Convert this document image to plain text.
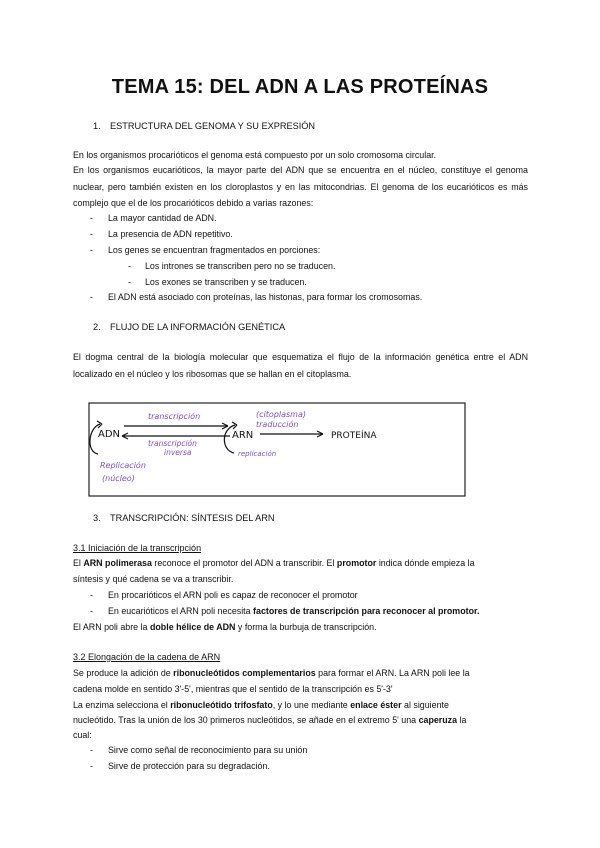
TEMA 15: DEL ADN A LAS PROTEÍNAS
1. ESTRUCTURA DEL GENOMA Y SU EXPRESIÓN
En los organismos procarióticos el genoma está compuesto por un solo cromosoma circular.

En los organismos eucarióticos, la mayor parte del ADN que se encuentra en el núcleo, constituye el genoma nuclear, pero también existen en los cloroplastos y en las mitocondrias. El genoma de los eucarióticos es más complejo que el de los procarióticos debido a varias razones:

- La mayor cantidad de ADN.
- La presencia de ADN repetitivo.
- Los genes se encuentran fragmentados en porciones:
- Los intrones se transcriben pero no se traducen.
- Los exones se transcriben y se traducen.
- El ADN está asociado con proteínas, las histonas, para formar los cromosomas.
2. FLUJO DE LA INFORMACIÓN GENÉTICA

El dogma central de la biología molecular que esquematiza el flujo de la información genética entre el ADN localizado en el núcleo y los ribosomas que se hallan en el citoplasma.

ADN	ARN	PROTEÍNA
transcripción
transcripción
inversa
(citoplasma)
traducción
Replicación
(núcleo)
replicación
3. TRANSCRIPCIÓN: SÍNTESIS DEL ARN
3.1 Iniciación de la transcripción
El ARN polimerasa reconoce el promotor del ADN a transcribir. El promotor indica dónde empieza la
síntesis y qué cadena se va a transcribir.
- En procarióticos el ARN poli es capaz de reconocer el promotor
- En eucarióticos el ARN poli necesita factores de transcripción para reconocer al promotor.
El ARN poli abre la doble hélice de ADN y forma la burbuja de transcripción.
3.2 Elongación de la cadena de ARN
Se produce la adición de ribonucleótidos complementarios para formar el ARN. La ARN poli lee la
cadena molde en sentido 3'-5', mientras que el sentido de la transcripción es 5'-3'
La enzima selecciona el ribonucleótido trifosfato, y lo une mediante enlace éster al siguiente
nucleótido. Tras la unión de los 30 primeros nucleótidos, se añade en el extremo 5' una caperuza la
cual:
- Sirve como señal de reconocimiento para su unión
- Sirve de protección para su degradación.
